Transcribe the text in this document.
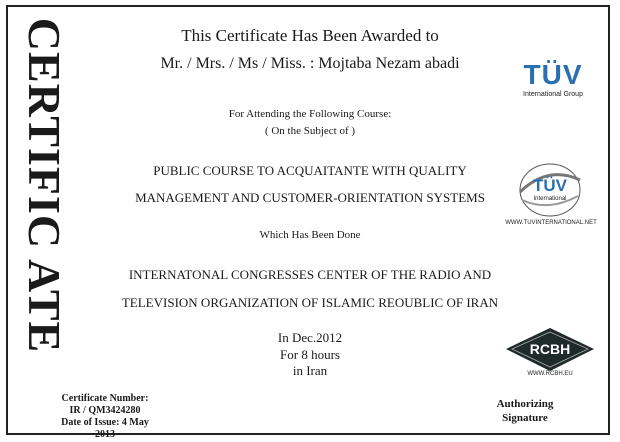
CERTIFIC ATE	This Certificate Has Been Awarded to
Mr. / Mrs. / Ms / Miss. : Mojtaba Nezam abadi
For Attending the Following Course:
( On the Subject of )
PUBLIC COURSE TO ACQUAITANTE WITH QUALITY
MANAGEMENT AND CUSTOMER-ORIENTATION SYSTEMS
Which Has Been Done
INTERNATONAL CONGRESSES CENTER OF THE RADIO AND
TELEVISION ORGANIZATION OF ISLAMIC REOUBLIC OF IRAN
In Dec.2012
For 8 hours
in Iran
Certificate Number:
IR / QM3424280
Date of Issue: 4 May 2013
Authorizing
Signature
TÜV
International Group
TÜV
International
WWW.TUVINTERNATIONAL.NET
RCBH
WWW.RCBH.EU
